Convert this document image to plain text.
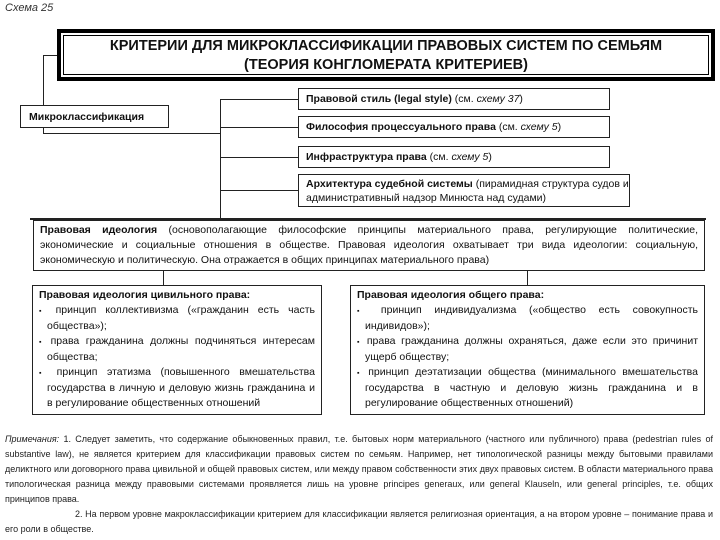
Схема 25
КРИТЕРИИ ДЛЯ МИКРОКЛАССИФИКАЦИИ ПРАВОВЫХ СИСТЕМ ПО СЕМЬЯМ
(ТЕОРИЯ КОНГЛОМЕРАТА КРИТЕРИЕВ)
Микроклассификация
Правовой стиль (legal style) (см. схему 37)
Философия процессуального права (см. схему 5)
Инфраструктура права (см. схему 5)
Архитектура судебной системы (пирамидная структура судов и административный надзор Минюста над судами)
Правовая идеология (основополагающие философские принципы материального права, регулирующие политические, экономические и социальные отношения в обществе. Правовая идеология охватывает три вида идеологии: социальную, экономическую и политическую. Она отражается в общих принципах материального права)
Правовая идеология цивильного права:
▪ принцип коллективизма («гражданин есть часть общества»);
▪ права гражданина должны подчиняться интересам общества;
▪ принцип этатизма (повышенного вмешательства государства в личную и деловую жизнь гражданина и в регулирование общественных отношений
Правовая идеология общего права:
▪ принцип индивидуализма («общество есть совокупность индивидов»);
▪ права гражданина должны охраняться, даже если это причинит ущерб обществу;
▪ принцип деэтатизации общества (минимального вмешательства государства в частную и деловую жизнь гражданина и в регулирование общественных отношений)
Примечания: 1. Следует заметить, что содержание обыкновенных правил, т.е. бытовых норм материального (частного или публичного) права (pedestrian rules of substantive law), не является критерием для классификации правовых систем по семьям. Например, нет типологической разницы между бытовыми правилами деликтного или договорного права цивильной и общей правовых систем, или между правом собственности этих двух правовых систем. В области материального права типологическая разница между правовыми системами проявляется лишь на уровне principes generaux, или general Klauseln, или general principles, т.е. общих принципов права.
2. На первом уровне макроклассификации критерием для классификации является религиозная ориентация, а на втором уровне – понимание права и его роли в обществе.
